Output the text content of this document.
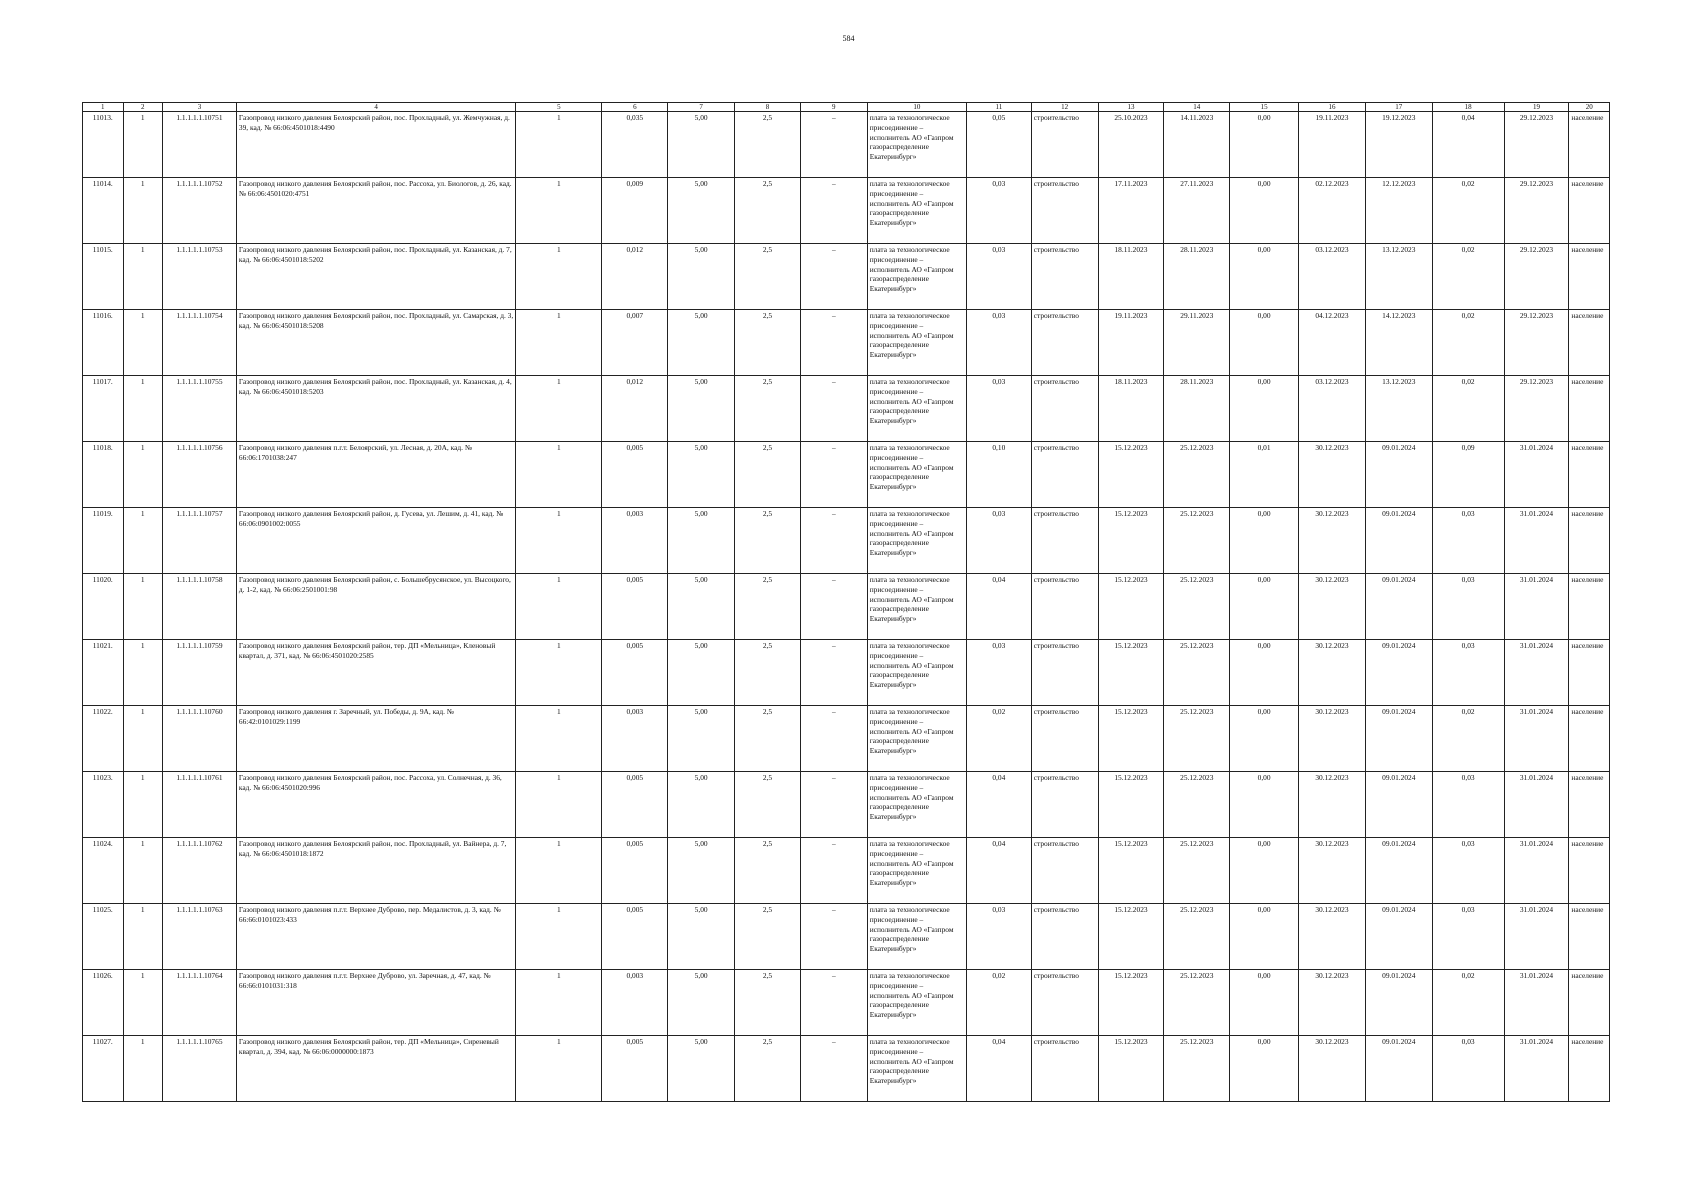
584
1	2	3	4	5	6	7	8	9	10	11	12	13	14	15	16	17	18	19	20
11013.	1	1.1.1.1.1.10751	Газопровод низкого давления Белоярский район, пос. Прохладный, ул. Жемчужная, д. 39, кад. № 66:06:4501018:4490	1	0,035	5,00	2,5	–	плата за технологическое присоединение – исполнитель АО «Газпром газораспределение Екатеринбург»	0,05	строительство	25.10.2023	14.11.2023	0,00	19.11.2023	19.12.2023	0,04	29.12.2023	население
11014.	1	1.1.1.1.1.10752	Газопровод низкого давления Белоярский район, пос. Рассоха, ул. Биологов, д. 26, кад. № 66:06:4501020:4751	1	0,009	5,00	2,5	–	плата за технологическое присоединение – исполнитель АО «Газпром газораспределение Екатеринбург»	0,03	строительство	17.11.2023	27.11.2023	0,00	02.12.2023	12.12.2023	0,02	29.12.2023	население
11015.	1	1.1.1.1.1.10753	Газопровод низкого давления Белоярский район, пос. Прохладный, ул. Казанская, д. 7, кад. № 66:06:4501018:5202	1	0,012	5,00	2,5	–	плата за технологическое присоединение – исполнитель АО «Газпром газораспределение Екатеринбург»	0,03	строительство	18.11.2023	28.11.2023	0,00	03.12.2023	13.12.2023	0,02	29.12.2023	население
11016.	1	1.1.1.1.1.10754	Газопровод низкого давления Белоярский район, пос. Прохладный, ул. Самарская, д. 3, кад. № 66:06:4501018:5208	1	0,007	5,00	2,5	–	плата за технологическое присоединение – исполнитель АО «Газпром газораспределение Екатеринбург»	0,03	строительство	19.11.2023	29.11.2023	0,00	04.12.2023	14.12.2023	0,02	29.12.2023	население
11017.	1	1.1.1.1.1.10755	Газопровод низкого давления Белоярский район, пос. Прохладный, ул. Казанская, д. 4, кад. № 66:06:4501018:5203	1	0,012	5,00	2,5	–	плата за технологическое присоединение – исполнитель АО «Газпром газораспределение Екатеринбург»	0,03	строительство	18.11.2023	28.11.2023	0,00	03.12.2023	13.12.2023	0,02	29.12.2023	население
11018.	1	1.1.1.1.1.10756	Газопровод низкого давления п.г.т. Белоярский, ул. Лесная, д. 20А, кад. № 66:06:1701038:247	1	0,005	5,00	2,5	–	плата за технологическое присоединение – исполнитель АО «Газпром газораспределение Екатеринбург»	0,10	строительство	15.12.2023	25.12.2023	0,01	30.12.2023	09.01.2024	0,09	31.01.2024	население
11019.	1	1.1.1.1.1.10757	Газопровод низкого давления Белоярский район, д. Гусева, ул. Лешим, д. 41, кад. № 66:06:0901002:0055	1	0,003	5,00	2,5	–	плата за технологическое присоединение – исполнитель АО «Газпром газораспределение Екатеринбург»	0,03	строительство	15.12.2023	25.12.2023	0,00	30.12.2023	09.01.2024	0,03	31.01.2024	население
11020.	1	1.1.1.1.1.10758	Газопровод низкого давления Белоярский район, с. Большебрусянское, ул. Высоцкого, д. 1-2, кад. № 66:06:2501001:98	1	0,005	5,00	2,5	–	плата за технологическое присоединение – исполнитель АО «Газпром газораспределение Екатеринбург»	0,04	строительство	15.12.2023	25.12.2023	0,00	30.12.2023	09.01.2024	0,03	31.01.2024	население
11021.	1	1.1.1.1.1.10759	Газопровод низкого давления Белоярский район, тер. ДП «Мельница», Кленовый квартал, д. 371, кад. № 66:06:4501020:2585	1	0,005	5,00	2,5	–	плата за технологическое присоединение – исполнитель АО «Газпром газораспределение Екатеринбург»	0,03	строительство	15.12.2023	25.12.2023	0,00	30.12.2023	09.01.2024	0,03	31.01.2024	население
11022.	1	1.1.1.1.1.10760	Газопровод низкого давления г. Заречный, ул. Победы, д. 9А, кад. № 66:42:0101029:1199	1	0,003	5,00	2,5	–	плата за технологическое присоединение – исполнитель АО «Газпром газораспределение Екатеринбург»	0,02	строительство	15.12.2023	25.12.2023	0,00	30.12.2023	09.01.2024	0,02	31.01.2024	население
11023.	1	1.1.1.1.1.10761	Газопровод низкого давления Белоярский район, пос. Рассоха, ул. Солнечная, д. 36, кад. № 66:06:4501020:996	1	0,005	5,00	2,5	–	плата за технологическое присоединение – исполнитель АО «Газпром газораспределение Екатеринбург»	0,04	строительство	15.12.2023	25.12.2023	0,00	30.12.2023	09.01.2024	0,03	31.01.2024	население
11024.	1	1.1.1.1.1.10762	Газопровод низкого давления Белоярский район, пос. Прохладный, ул. Вайнера, д. 7, кад. № 66:06:4501018:1872	1	0,005	5,00	2,5	–	плата за технологическое присоединение – исполнитель АО «Газпром газораспределение Екатеринбург»	0,04	строительство	15.12.2023	25.12.2023	0,00	30.12.2023	09.01.2024	0,03	31.01.2024	население
11025.	1	1.1.1.1.1.10763	Газопровод низкого давления п.г.т. Верхнее Дуброво, пер. Медалистов, д. 3, кад. № 66:66:0101023:433	1	0,005	5,00	2,5	–	плата за технологическое присоединение – исполнитель АО «Газпром газораспределение Екатеринбург»	0,03	строительство	15.12.2023	25.12.2023	0,00	30.12.2023	09.01.2024	0,03	31.01.2024	население
11026.	1	1.1.1.1.1.10764	Газопровод низкого давления п.г.т. Верхнее Дуброво, ул. Заречная, д. 47, кад. № 66:66:0101031:318	1	0,003	5,00	2,5	–	плата за технологическое присоединение – исполнитель АО «Газпром газораспределение Екатеринбург»	0,02	строительство	15.12.2023	25.12.2023	0,00	30.12.2023	09.01.2024	0,02	31.01.2024	население
11027.	1	1.1.1.1.1.10765	Газопровод низкого давления Белоярский район, тер. ДП «Мельница», Сиреневый квартал, д. 394, кад. № 66:06:0000000:1873	1	0,005	5,00	2,5	–	плата за технологическое присоединение – исполнитель АО «Газпром газораспределение Екатеринбург»	0,04	строительство	15.12.2023	25.12.2023	0,00	30.12.2023	09.01.2024	0,03	31.01.2024	население
